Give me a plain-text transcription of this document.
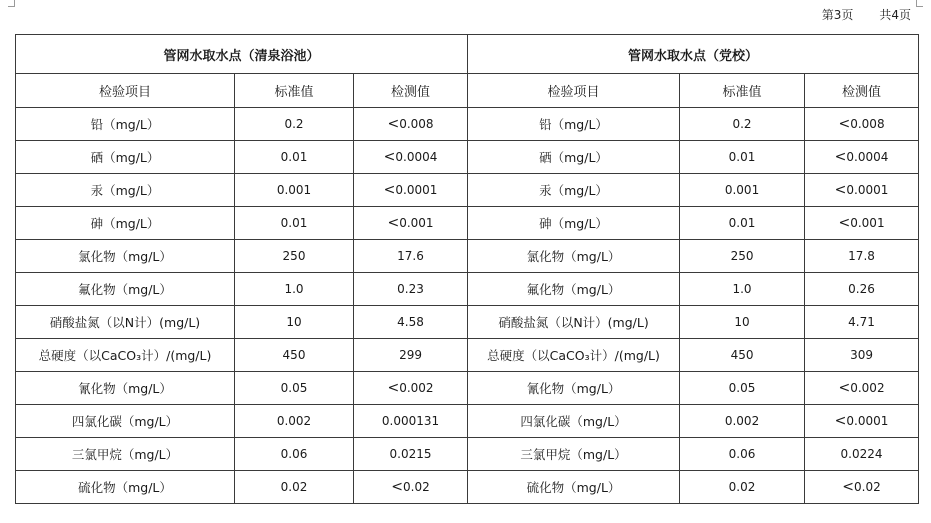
第3页 共4页
管网水取水点（清泉浴池）			管网水取水点（党校）		
检验项目	标准值	检测值	检验项目	标准值	检测值
铅（mg/L）	0.2	<0.008	铅（mg/L）	0.2	<0.008
硒（mg/L）	0.01	<0.0004	硒（mg/L）	0.01	<0.0004
汞（mg/L）	0.001	<0.0001	汞（mg/L）	0.001	<0.0001
砷（mg/L）	0.01	<0.001	砷（mg/L）	0.01	<0.001
氯化物（mg/L）	250	17.6	氯化物（mg/L）	250	17.8
氟化物（mg/L）	1.0	0.23	氟化物（mg/L）	1.0	0.26
硝酸盐氮（以N计）(mg/L)	10	4.58	硝酸盐氮（以N计）(mg/L)	10	4.71
总硬度（以CaCO₃计）/(mg/L)	450	299	总硬度（以CaCO₃计）/(mg/L)	450	309
氰化物（mg/L）	0.05	<0.002	氰化物（mg/L）	0.05	<0.002
四氯化碳（mg/L）	0.002	0.000131	四氯化碳（mg/L）	0.002	<0.0001
三氯甲烷（mg/L）	0.06	0.0215	三氯甲烷（mg/L）	0.06	0.0224
硫化物（mg/L）	0.02	<0.02	硫化物（mg/L）	0.02	<0.02
